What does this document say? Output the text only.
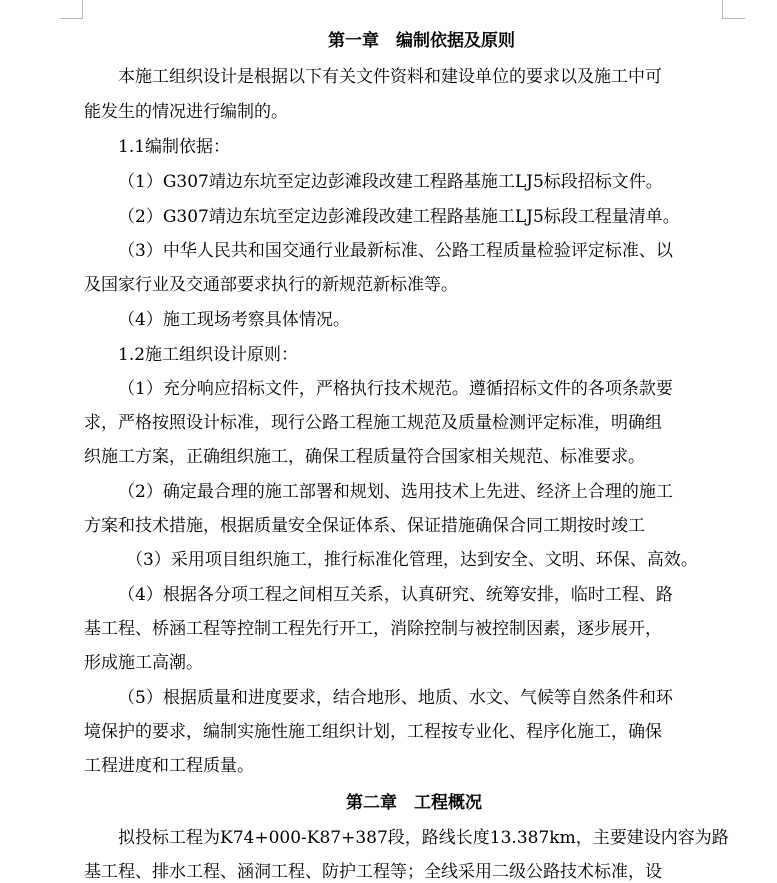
第一章　编制依据及原则
本施工组织设计是根据以下有关文件资料和建设单位的要求以及施工中可
能发生的情况进行编制的。
1.1编制依据：
（1）G307靖边东坑至定边彭滩段改建工程路基施工LJ5标段招标文件。
（2）G307靖边东坑至定边彭滩段改建工程路基施工LJ5标段工程量清单。
（3）中华人民共和国交通行业最新标准、公路工程质量检验评定标准、以
及国家行业及交通部要求执行的新规范新标准等。
（4）施工现场考察具体情况。
1.2施工组织设计原则：
（1）充分响应招标文件，严格执行技术规范。遵循招标文件的各项条款要
求，严格按照设计标准，现行公路工程施工规范及质量检测评定标准，明确组
织施工方案，正确组织施工，确保工程质量符合国家相关规范、标准要求。
（2）确定最合理的施工部署和规划、选用技术上先进、经济上合理的施工
方案和技术措施，根据质量安全保证体系、保证措施确保合同工期按时竣工
（3）采用项目组织施工，推行标准化管理，达到安全、文明、环保、高效。
（4）根据各分项工程之间相互关系，认真研究、统筹安排，临时工程、路
基工程、桥涵工程等控制工程先行开工，消除控制与被控制因素，逐步展开，
形成施工高潮。
（5）根据质量和进度要求，结合地形、地质、水文、气候等自然条件和环
境保护的要求，编制实施性施工组织计划，工程按专业化、程序化施工，确保
工程进度和工程质量。
第二章　工程概况
拟投标工程为K74+000-K87+387段，路线长度13.387km，主要建设内容为路
基工程、排水工程、涵洞工程、防护工程等；全线采用二级公路技术标准，设
